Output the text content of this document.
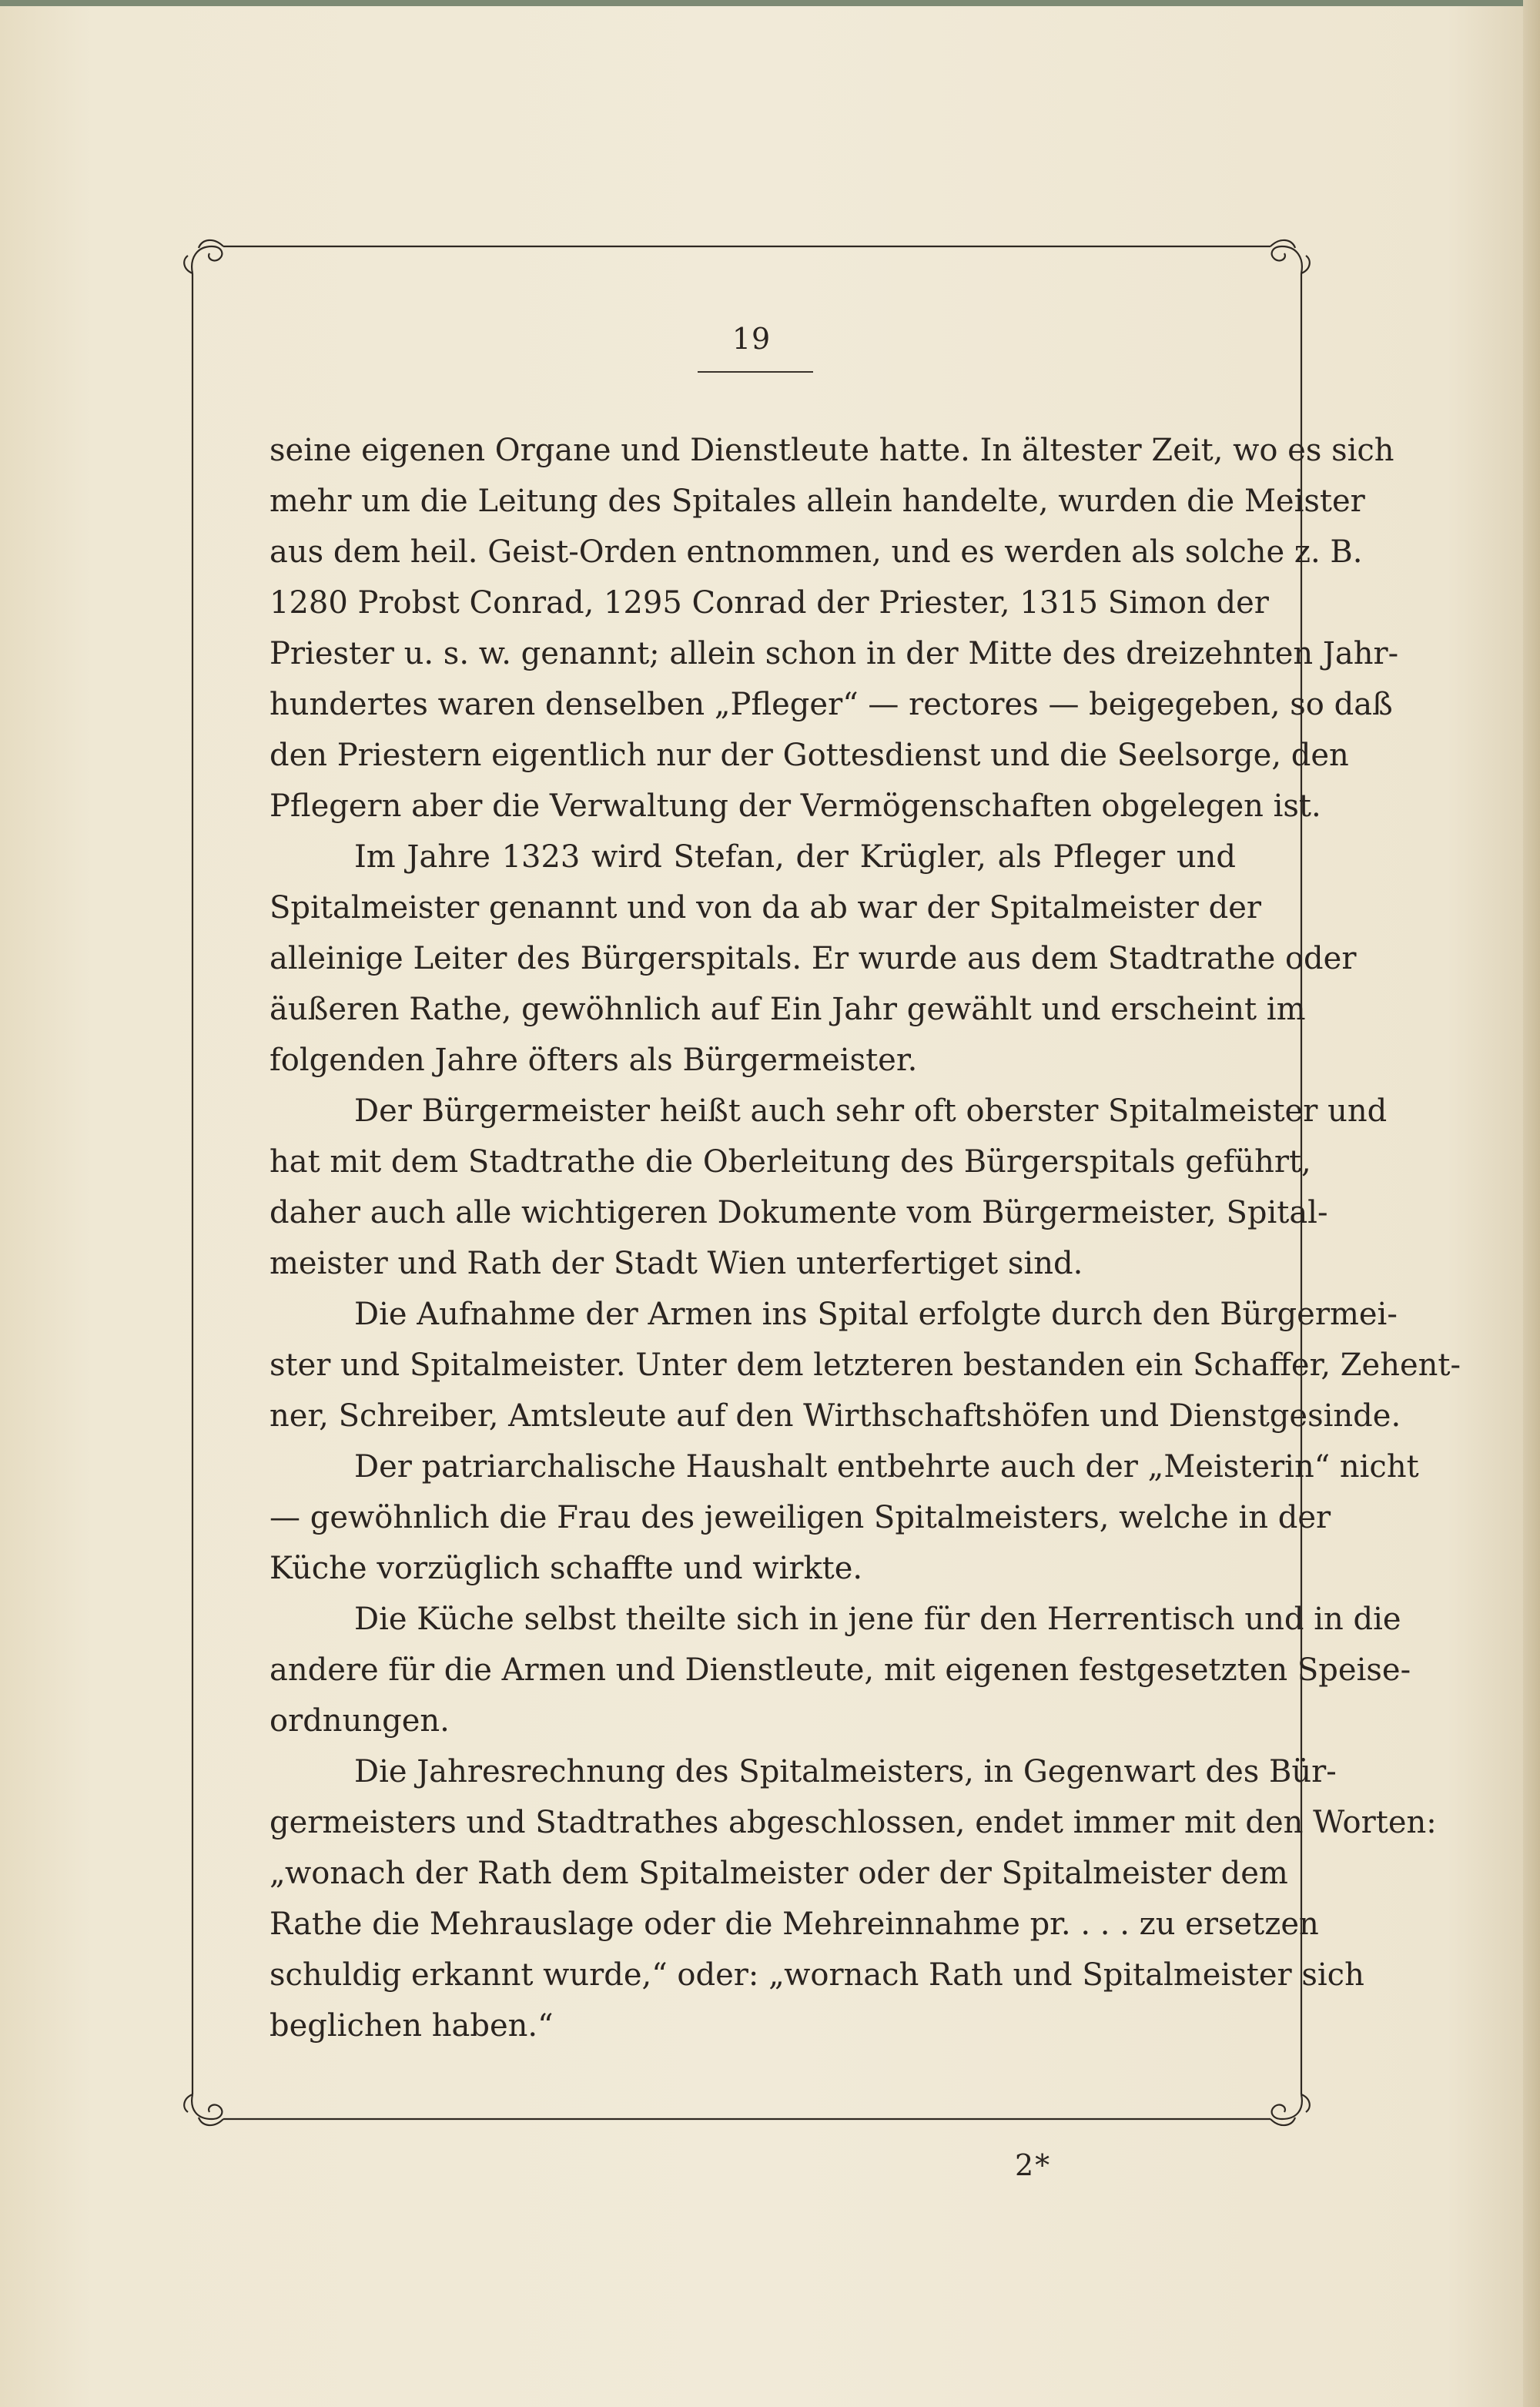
19
seine eigenen Organe und Dienstleute hatte. In ältester Zeit, wo es sich
mehr um die Leitung des Spitales allein handelte, wurden die Meister
aus dem heil. Geist-Orden entnommen, und es werden als solche z. B.
1280 Probst Conrad, 1295 Conrad der Priester, 1315 Simon der
Priester u. s. w. genannt; allein schon in der Mitte des dreizehnten Jahr-
hundertes waren denselben „Pfleger“ — rectores — beigegeben, so daß
den Priestern eigentlich nur der Gottesdienst und die Seelsorge, den
Pflegern aber die Verwaltung der Vermögenschaften obgelegen ist.
Im Jahre 1323 wird Stefan, der Krügler, als Pfleger und
Spitalmeister genannt und von da ab war der Spitalmeister der
alleinige Leiter des Bürgerspitals. Er wurde aus dem Stadtrathe oder
äußeren Rathe, gewöhnlich auf Ein Jahr gewählt und erscheint im
folgenden Jahre öfters als Bürgermeister.
Der Bürgermeister heißt auch sehr oft oberster Spitalmeister und
hat mit dem Stadtrathe die Oberleitung des Bürgerspitals geführt,
daher auch alle wichtigeren Dokumente vom Bürgermeister, Spital-
meister und Rath der Stadt Wien unterfertiget sind.
Die Aufnahme der Armen ins Spital erfolgte durch den Bürgermei-
ster und Spitalmeister. Unter dem letzteren bestanden ein Schaffer, Zehent-
ner, Schreiber, Amtsleute auf den Wirthschaftshöfen und Dienstgesinde.
Der patriarchalische Haushalt entbehrte auch der „Meisterin“ nicht
— gewöhnlich die Frau des jeweiligen Spitalmeisters, welche in der
Küche vorzüglich schaffte und wirkte.
Die Küche selbst theilte sich in jene für den Herrentisch und in die
andere für die Armen und Dienstleute, mit eigenen festgesetzten Speise-
ordnungen.
Die Jahresrechnung des Spitalmeisters, in Gegenwart des Bür-
germeisters und Stadtrathes abgeschlossen, endet immer mit den Worten:
„wonach der Rath dem Spitalmeister oder der Spitalmeister dem
Rathe die Mehrauslage oder die Mehreinnahme pr. . . . zu ersetzen
schuldig erkannt wurde,“ oder: „wornach Rath und Spitalmeister sich
beglichen haben.“
2*
